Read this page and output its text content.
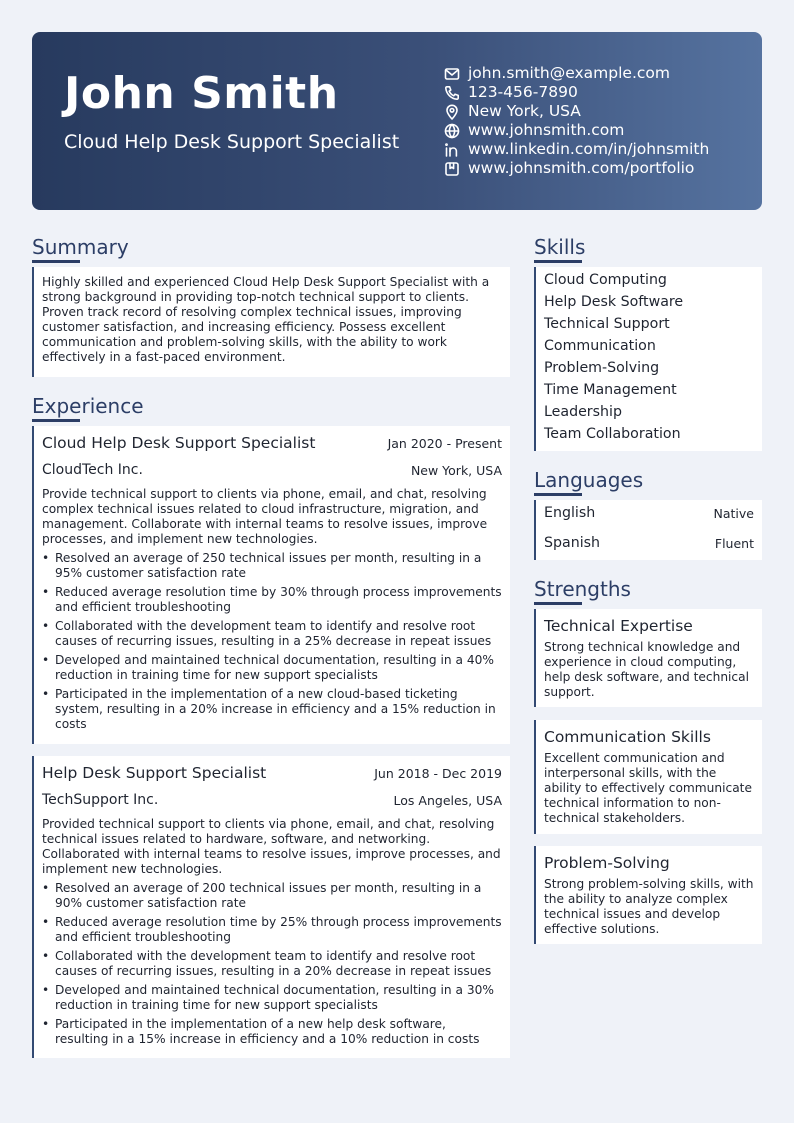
John Smith
Cloud Help Desk Support Specialist
john.smith@example.com
123-456-7890
New York, USA
www.johnsmith.com
www.linkedin.com/in/johnsmith
www.johnsmith.com/portfolio
Summary
Highly skilled and experienced Cloud Help Desk Support Specialist with a strong background in providing top-notch technical support to clients. Proven track record of resolving complex technical issues, improving customer satisfaction, and increasing efficiency. Possess excellent communication and problem-solving skills, with the ability to work effectively in a fast-paced environment.
Experience
Cloud Help Desk Support Specialist	Jan 2020 - Present
CloudTech Inc.	New York, USA
Provide technical support to clients via phone, email, and chat, resolving complex technical issues related to cloud infrastructure, migration, and management. Collaborate with internal teams to resolve issues, improve processes, and implement new technologies.
• Resolved an average of 250 technical issues per month, resulting in a 95% customer satisfaction rate
• Reduced average resolution time by 30% through process improvements and efficient troubleshooting
• Collaborated with the development team to identify and resolve root causes of recurring issues, resulting in a 25% decrease in repeat issues
• Developed and maintained technical documentation, resulting in a 40% reduction in training time for new support specialists
• Participated in the implementation of a new cloud-based ticketing system, resulting in a 20% increase in efficiency and a 15% reduction in costs
Help Desk Support Specialist	Jun 2018 - Dec 2019
TechSupport Inc.	Los Angeles, USA
Provided technical support to clients via phone, email, and chat, resolving technical issues related to hardware, software, and networking. Collaborated with internal teams to resolve issues, improve processes, and implement new technologies.
• Resolved an average of 200 technical issues per month, resulting in a 90% customer satisfaction rate
• Reduced average resolution time by 25% through process improvements and efficient troubleshooting
• Collaborated with the development team to identify and resolve root causes of recurring issues, resulting in a 20% decrease in repeat issues
• Developed and maintained technical documentation, resulting in a 30% reduction in training time for new support specialists
• Participated in the implementation of a new help desk software, resulting in a 15% increase in efficiency and a 10% reduction in costs
Skills
Cloud Computing
Help Desk Software
Technical Support
Communication
Problem-Solving
Time Management
Leadership
Team Collaboration
Languages
English	Native
Spanish	Fluent
Strengths
Technical Expertise
Strong technical knowledge and experience in cloud computing, help desk software, and technical support.
Communication Skills
Excellent communication and interpersonal skills, with the ability to effectively communicate technical information to non-technical stakeholders.
Problem-Solving
Strong problem-solving skills, with the ability to analyze complex technical issues and develop effective solutions.
